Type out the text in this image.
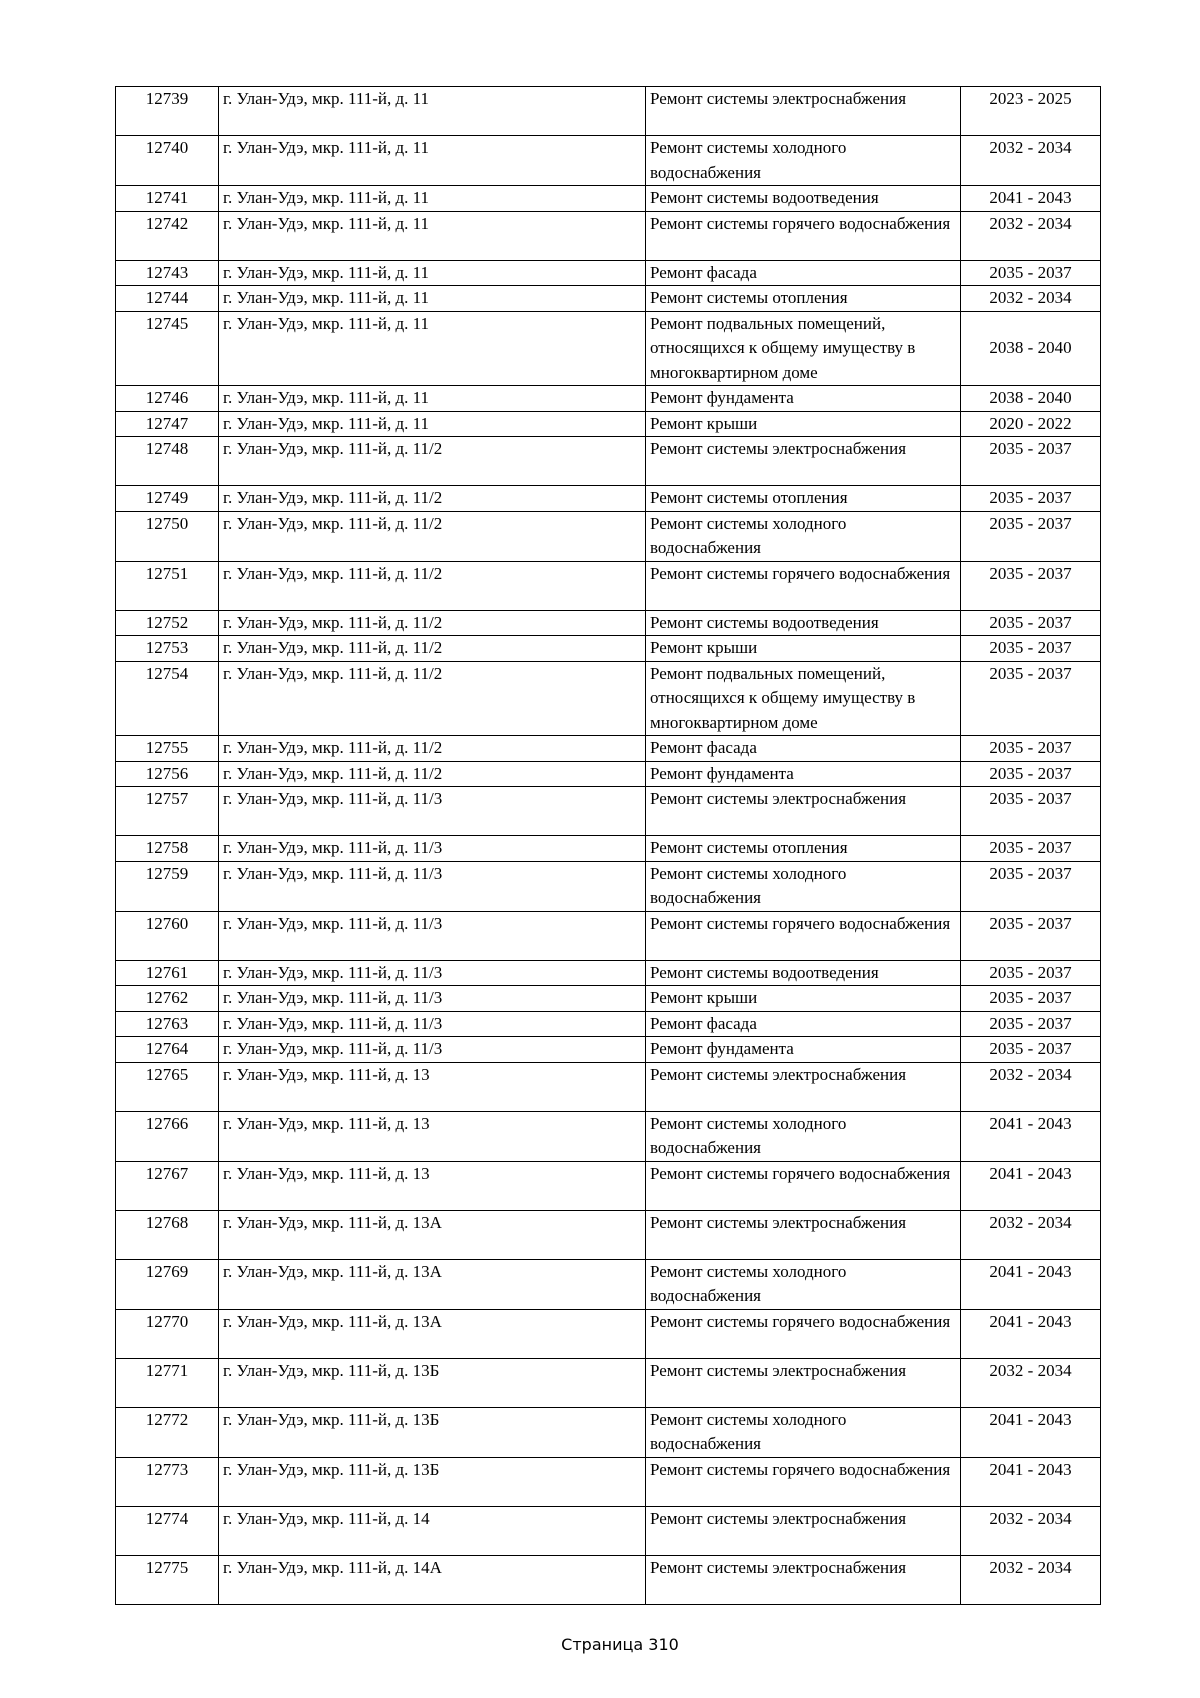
12739	г. Улан-Удэ, мкр. 111-й, д. 11	Ремонт системы электроснабжения	2023 - 2025
12740	г. Улан-Удэ, мкр. 111-й, д. 11	Ремонт системы холодного водоснабжения	2032 - 2034
12741	г. Улан-Удэ, мкр. 111-й, д. 11	Ремонт системы водоотведения	2041 - 2043
12742	г. Улан-Удэ, мкр. 111-й, д. 11	Ремонт системы горячего водоснабжения	2032 - 2034
12743	г. Улан-Удэ, мкр. 111-й, д. 11	Ремонт фасада	2035 - 2037
12744	г. Улан-Удэ, мкр. 111-й, д. 11	Ремонт системы отопления	2032 - 2034
12745	г. Улан-Удэ, мкр. 111-й, д. 11	Ремонт подвальных помещений, относящихся к общему имуществу в многоквартирном доме	2038 - 2040
12746	г. Улан-Удэ, мкр. 111-й, д. 11	Ремонт фундамента	2038 - 2040
12747	г. Улан-Удэ, мкр. 111-й, д. 11	Ремонт крыши	2020 - 2022
12748	г. Улан-Удэ, мкр. 111-й, д. 11/2	Ремонт системы электроснабжения	2035 - 2037
12749	г. Улан-Удэ, мкр. 111-й, д. 11/2	Ремонт системы отопления	2035 - 2037
12750	г. Улан-Удэ, мкр. 111-й, д. 11/2	Ремонт системы холодного водоснабжения	2035 - 2037
12751	г. Улан-Удэ, мкр. 111-й, д. 11/2	Ремонт системы горячего водоснабжения	2035 - 2037
12752	г. Улан-Удэ, мкр. 111-й, д. 11/2	Ремонт системы водоотведения	2035 - 2037
12753	г. Улан-Удэ, мкр. 111-й, д. 11/2	Ремонт крыши	2035 - 2037
12754	г. Улан-Удэ, мкр. 111-й, д. 11/2	Ремонт подвальных помещений, относящихся к общему имуществу в многоквартирном доме	2035 - 2037
12755	г. Улан-Удэ, мкр. 111-й, д. 11/2	Ремонт фасада	2035 - 2037
12756	г. Улан-Удэ, мкр. 111-й, д. 11/2	Ремонт фундамента	2035 - 2037
12757	г. Улан-Удэ, мкр. 111-й, д. 11/3	Ремонт системы электроснабжения	2035 - 2037
12758	г. Улан-Удэ, мкр. 111-й, д. 11/3	Ремонт системы отопления	2035 - 2037
12759	г. Улан-Удэ, мкр. 111-й, д. 11/3	Ремонт системы холодного водоснабжения	2035 - 2037
12760	г. Улан-Удэ, мкр. 111-й, д. 11/3	Ремонт системы горячего водоснабжения	2035 - 2037
12761	г. Улан-Удэ, мкр. 111-й, д. 11/3	Ремонт системы водоотведения	2035 - 2037
12762	г. Улан-Удэ, мкр. 111-й, д. 11/3	Ремонт крыши	2035 - 2037
12763	г. Улан-Удэ, мкр. 111-й, д. 11/3	Ремонт фасада	2035 - 2037
12764	г. Улан-Удэ, мкр. 111-й, д. 11/3	Ремонт фундамента	2035 - 2037
12765	г. Улан-Удэ, мкр. 111-й, д. 13	Ремонт системы электроснабжения	2032 - 2034
12766	г. Улан-Удэ, мкр. 111-й, д. 13	Ремонт системы холодного водоснабжения	2041 - 2043
12767	г. Улан-Удэ, мкр. 111-й, д. 13	Ремонт системы горячего водоснабжения	2041 - 2043
12768	г. Улан-Удэ, мкр. 111-й, д. 13А	Ремонт системы электроснабжения	2032 - 2034
12769	г. Улан-Удэ, мкр. 111-й, д. 13А	Ремонт системы холодного водоснабжения	2041 - 2043
12770	г. Улан-Удэ, мкр. 111-й, д. 13А	Ремонт системы горячего водоснабжения	2041 - 2043
12771	г. Улан-Удэ, мкр. 111-й, д. 13Б	Ремонт системы электроснабжения	2032 - 2034
12772	г. Улан-Удэ, мкр. 111-й, д. 13Б	Ремонт системы холодного водоснабжения	2041 - 2043
12773	г. Улан-Удэ, мкр. 111-й, д. 13Б	Ремонт системы горячего водоснабжения	2041 - 2043
12774	г. Улан-Удэ, мкр. 111-й, д. 14	Ремонт системы электроснабжения	2032 - 2034
12775	г. Улан-Удэ, мкр. 111-й, д. 14А	Ремонт системы электроснабжения	2032 - 2034
Страница 310
